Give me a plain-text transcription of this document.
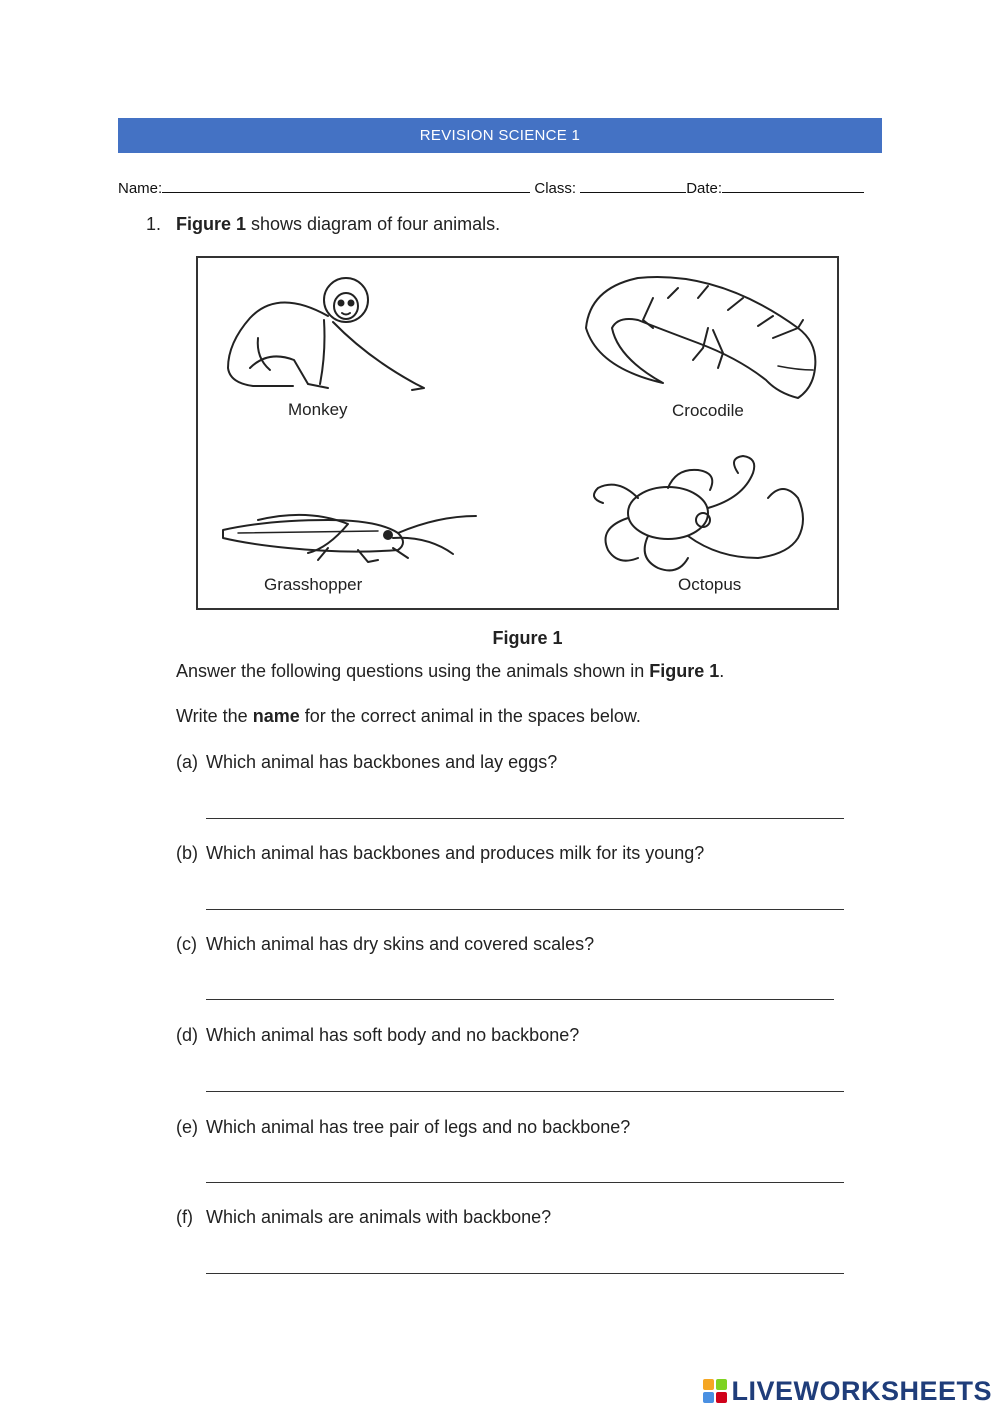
REVISION SCIENCE 1
Name:	Class:	Date:
1. Figure 1 shows diagram of four animals.
Monkey	Crocodile
Grasshopper	Octopus
Figure 1
Answer the following questions using the animals shown in Figure 1.
Write the name for the correct animal in the spaces below.
(a) Which animal has backbones and lay eggs?
(b) Which animal has backbones and produces milk for its young?
(c) Which animal has dry skins and covered scales?
(d) Which animal has soft body and no backbone?
(e) Which animal has tree pair of legs and no backbone?
(f) Which animals are animals with backbone?
LIVEWORKSHEETS
